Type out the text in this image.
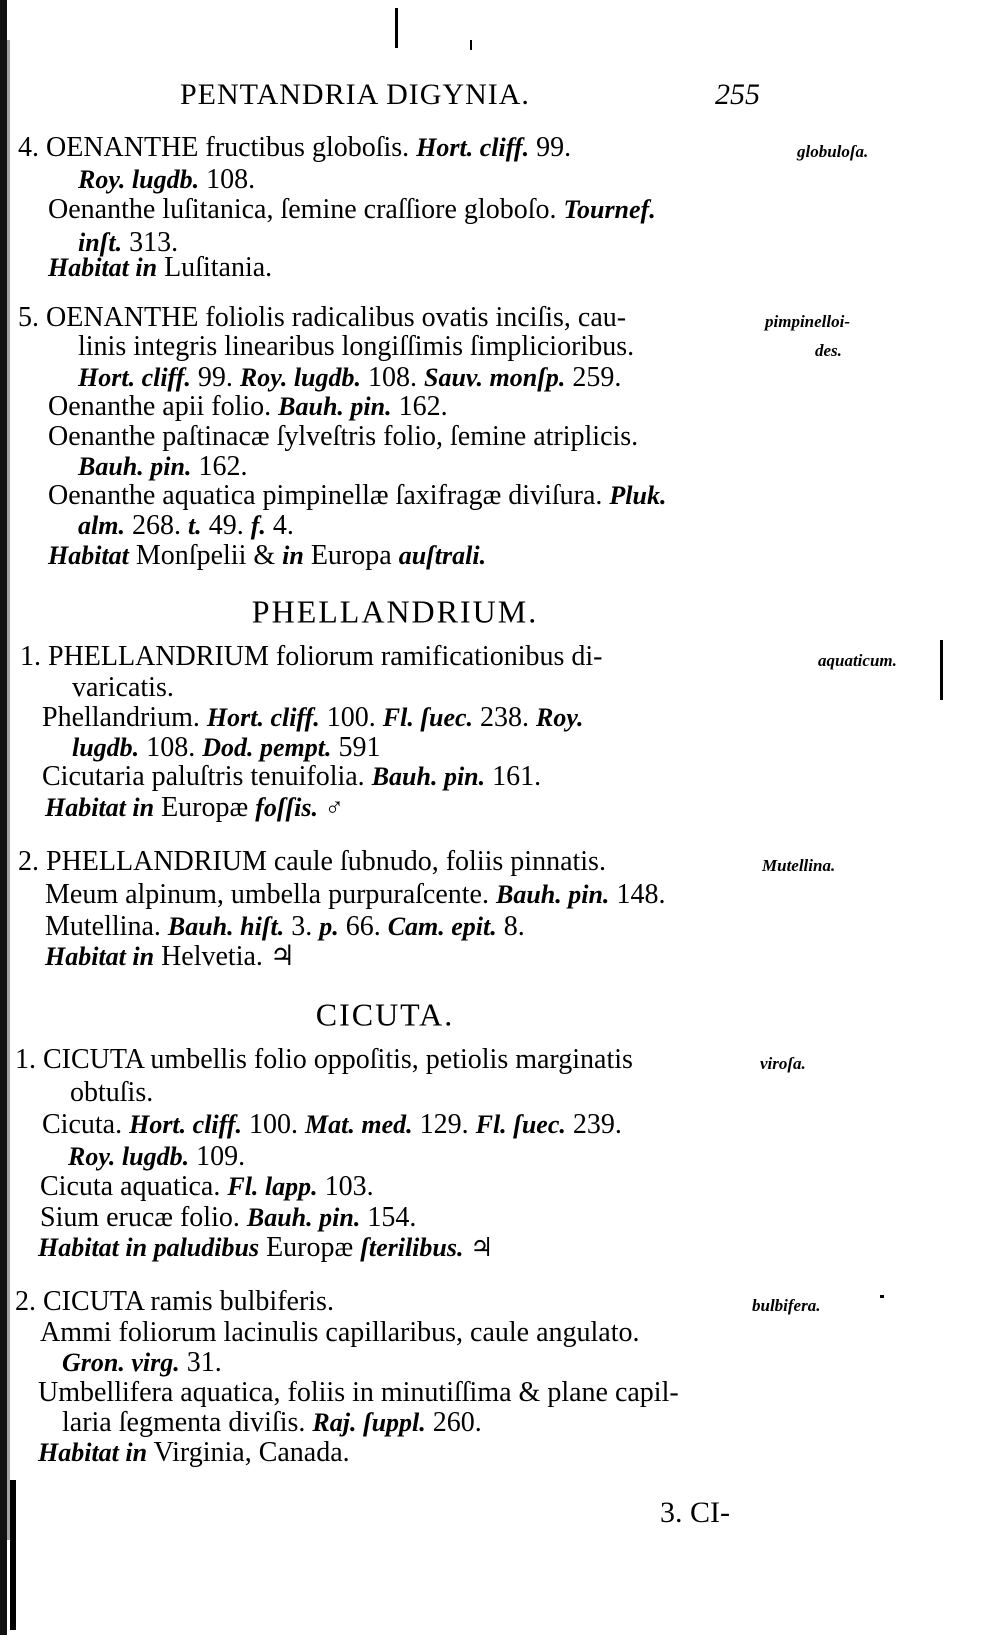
PENTANDRIA DIGYNIA.	255
PHELLANDRIUM.
CICUTA.
4. OENANTHE fructibus globoſis. Hort. cliff. 99.	globuloſa.
Roy. lugdb. 108.
Oenanthe luſitanica, ſemine craſſiore globoſo. Tournef.
inſt. 313.
Habitat in Luſitania.
5. OENANTHE foliolis radicalibus ovatis inciſis, cau-	pimpinelloi-
linis integris linearibus longiſſimis ſimplicioribus.	des.
Hort. cliff. 99. Roy. lugdb. 108. Sauv. monſp. 259.
Oenanthe apii folio. Bauh. pin. 162.
Oenanthe paſtinacæ ſylveſtris folio, ſemine atriplicis.
Bauh. pin. 162.
Oenanthe aquatica pimpinellæ ſaxifragæ diviſura. Pluk.
alm. 268. t. 49. f. 4.
Habitat Monſpelii & in Europa auſtrali.
1. PHELLANDRIUM foliorum ramificationibus di-	aquaticum.
varicatis.
Phellandrium. Hort. cliff. 100. Fl. ſuec. 238. Roy.
lugdb. 108. Dod. pempt. 591
Cicutaria paluſtris tenuifolia. Bauh. pin. 161.
Habitat in Europæ foſſis. ♂
2. PHELLANDRIUM caule ſubnudo, foliis pinnatis.	Mutellina.
Meum alpinum, umbella purpuraſcente. Bauh. pin. 148.
Mutellina. Bauh. hiſt. 3. p. 66. Cam. epit. 8.
Habitat in Helvetia. ♃
1. CICUTA umbellis folio oppoſitis, petiolis marginatis	viroſa.
obtuſis.
Cicuta. Hort. cliff. 100. Mat. med. 129. Fl. ſuec. 239.
Roy. lugdb. 109.
Cicuta aquatica. Fl. lapp. 103.
Sium erucæ folio. Bauh. pin. 154.
Habitat in paludibus Europæ ſterilibus. ♃
2. CICUTA ramis bulbiferis.	bulbifera.
Ammi foliorum lacinulis capillaribus, caule angulato.
Gron. virg. 31.
Umbellifera aquatica, foliis in minutiſſima & plane capil-
laria ſegmenta diviſis. Raj. ſuppl. 260.
Habitat in Virginia, Canada.
3. CI-
